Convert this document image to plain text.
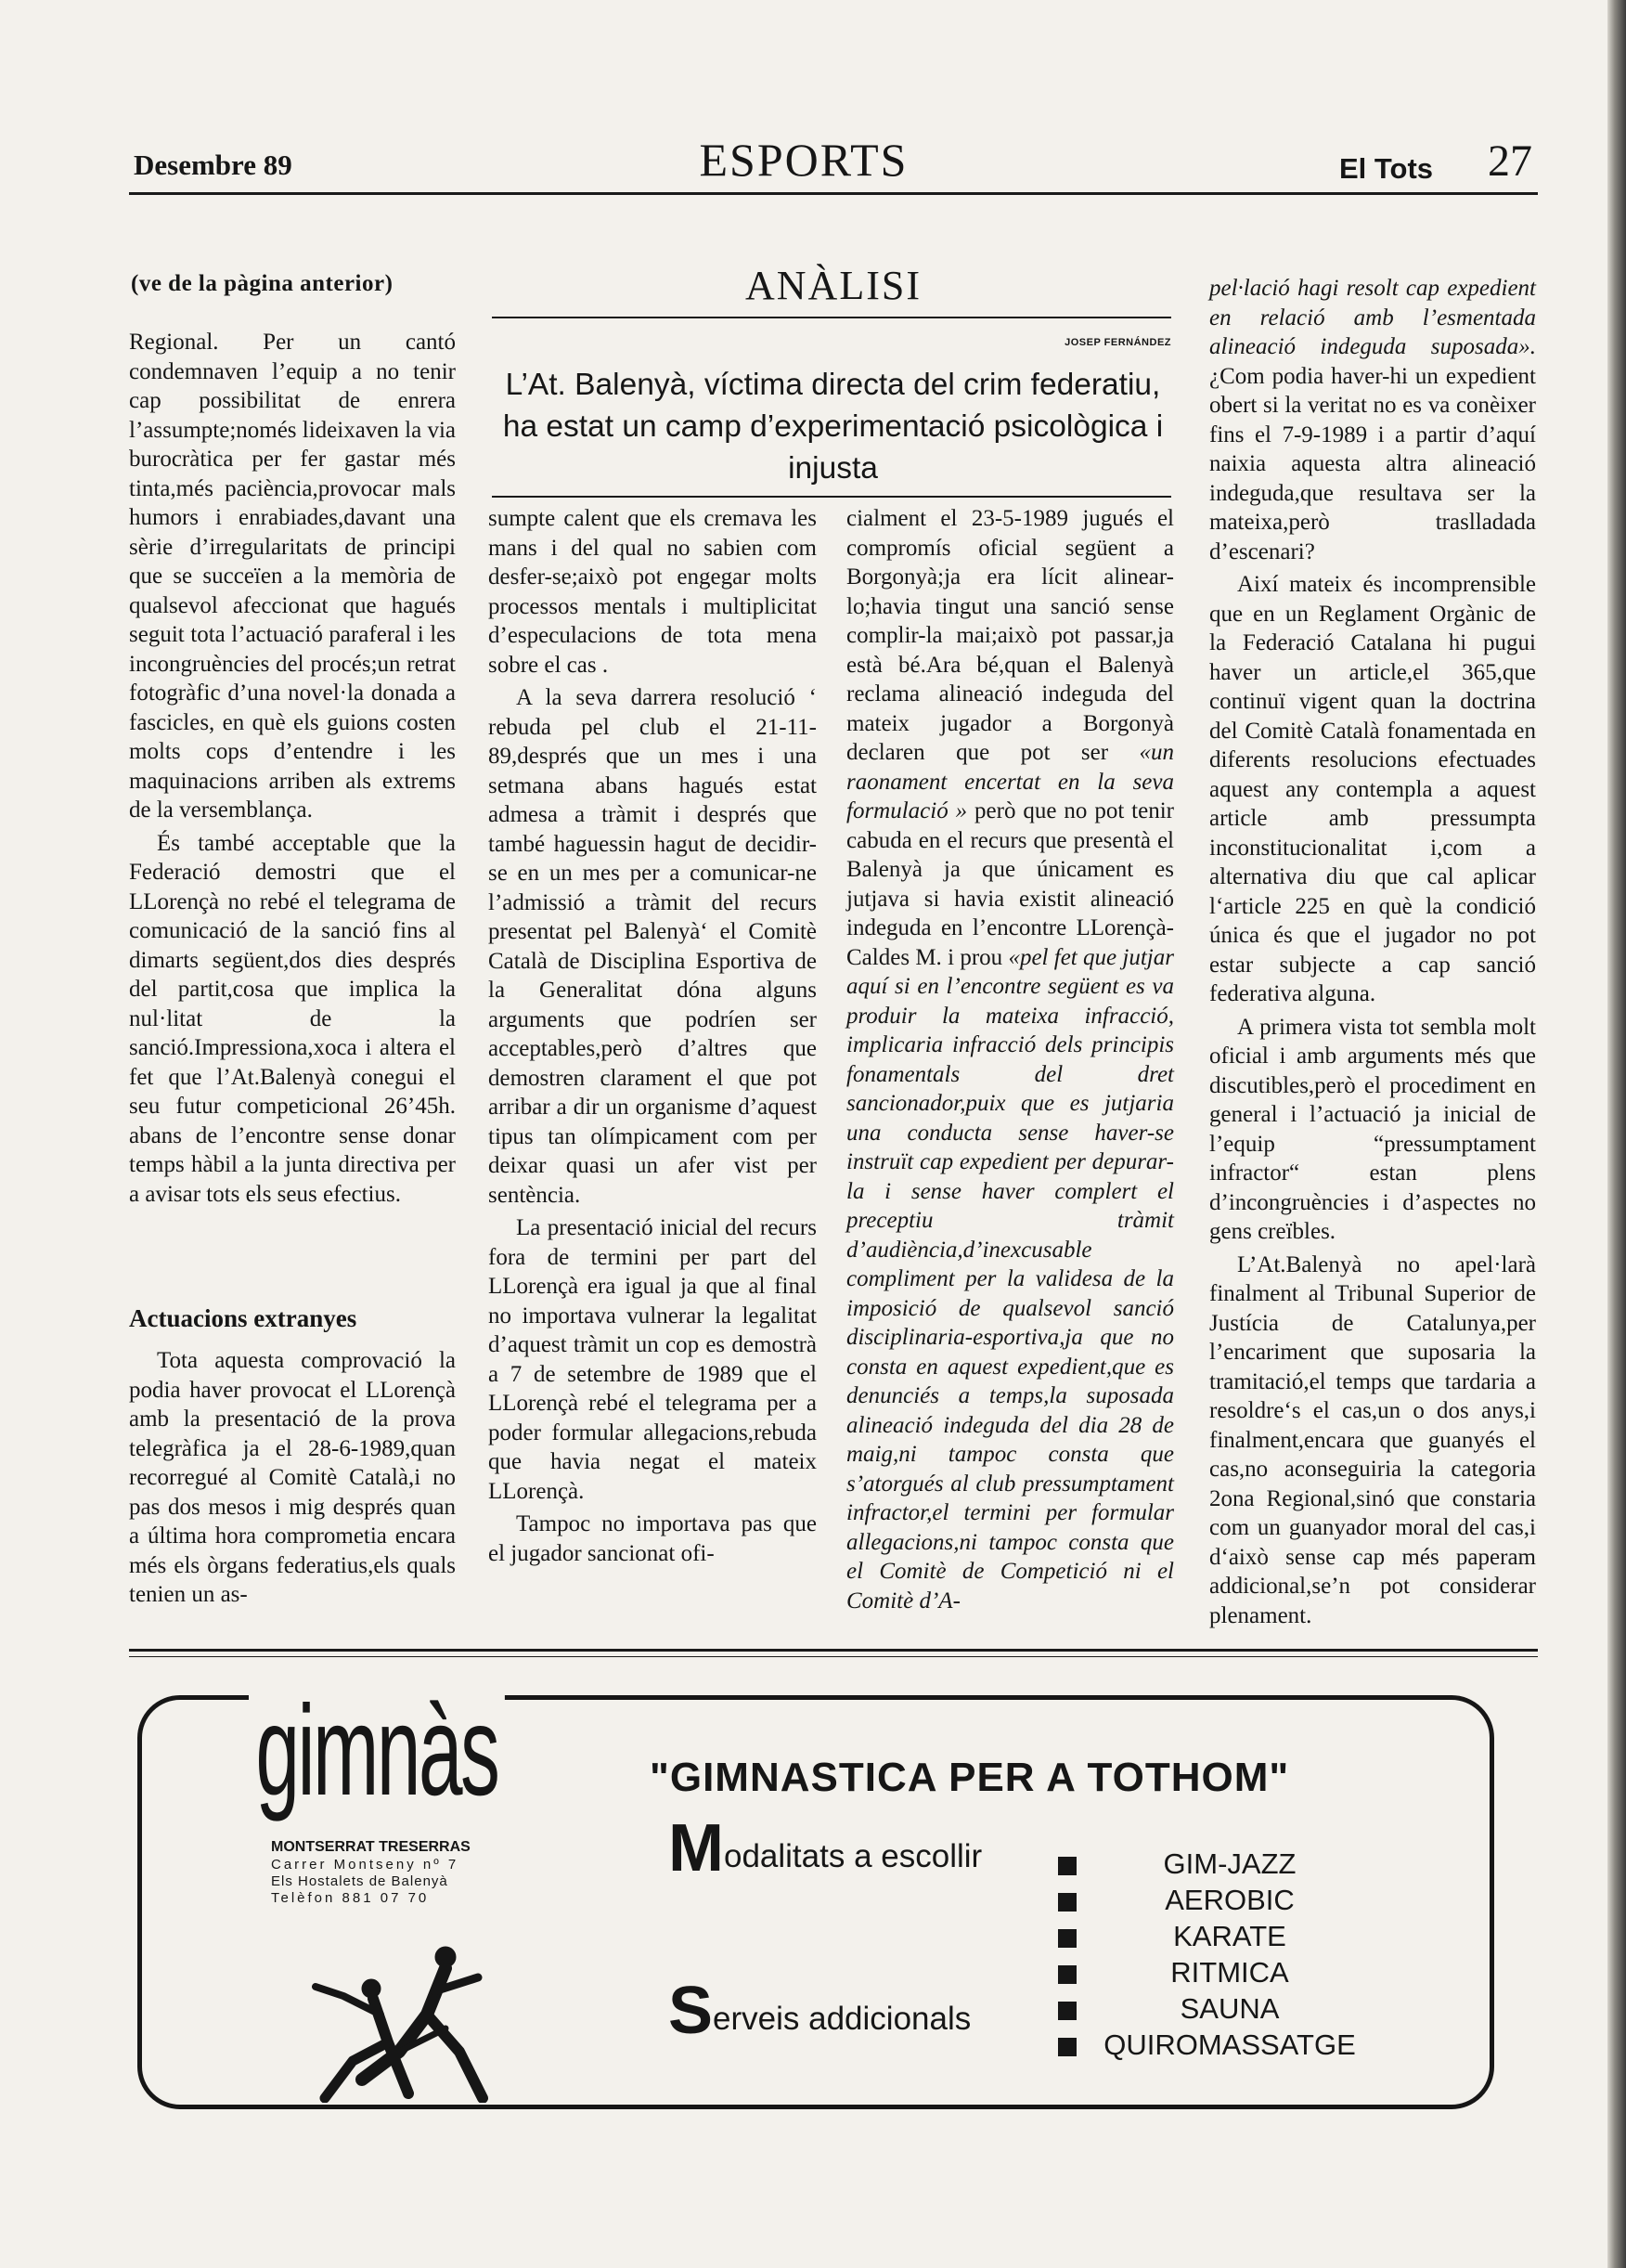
Desembre 89	ESPORTS	El Tots 27
(ve de la pàgina anterior)

Regional. Per un cantó condemnaven l’equip a no tenir cap possibilitat de enrera l’assumpte;només lideixaven la via burocràtica per fer gastar més tinta,més paciència,provocar mals humors i enrabiades,davant una sèrie d’irregularitats de principi que se succeïen a la memòria de qualsevol afeccionat que hagués seguit tota l’actuació paraferal i les incongruències del procés;un retrat fotogràfic d’una novel·la donada a fascicles, en què els guions costen molts cops d’entendre i les maquinacions arriben als extrems de la versemblança.

És també acceptable que la Federació demostri que el LLorençà no rebé el telegrama de comunicació de la sanció fins al dimarts següent,dos dies després del partit,cosa que implica la nul·litat de la sanció.Impressiona,xoca i altera el fet que l’At.Balenyà conegui el seu futur competicional 26’45h. abans de l’encontre sense donar temps hàbil a la junta directiva per a avisar tots els seus efectius.

Actuacions extranyes

Tota aquesta comprovació la podia haver provocat el LLorençà amb la presentació de la prova telegràfica ja el 28-6-1989,quan recorregué al Comitè Català,i no pas dos mesos i mig després quan a última hora comprometia encara més els òrgans federatius,els quals tenien un as-

ANÀLISI
JOSEP FERNÁNDEZ
L’At. Balenyà, víctima directa del crim federatiu, ha estat un camp d’experimentació psicològica i injusta

sumpte calent que els cremava les mans i del qual no sabien com desfer-se;això pot engegar molts processos mentals i multiplicitat d’especulacions de tota mena sobre el cas .

A la seva darrera resolució ‘ rebuda pel club el 21-11-89,després que un mes i una setmana abans hagués estat admesa a tràmit i després que també haguessin hagut de decidir-se en un mes per a comunicar-ne l’admissió a tràmit del recurs presentat pel Balenyà‘ el Comitè Català de Disciplina Esportiva de la Generalitat dóna alguns arguments que podríen ser acceptables,però d’altres que demostren clarament el que pot arribar a dir un organisme d’aquest tipus tan olímpicament com per deixar quasi un afer vist per sentència.

La presentació inicial del recurs fora de termini per part del LLorençà era igual ja que al final no importava vulnerar la legalitat d’aquest tràmit un cop es demostrà a 7 de setembre de 1989 que el LLorençà rebé el telegrama per a poder formular allegacions,rebuda que havia negat el mateix LLorençà.

Tampoc no importava pas que el jugador sancionat ofi-

cialment el 23-5-1989 jugués el compromís oficial següent a Borgonyà;ja era lícit alinear-lo;havia tingut una sanció sense complir-la mai;això pot passar,ja està bé.Ara bé,quan el Balenyà reclama alineació indeguda del mateix jugador a Borgonyà declaren que pot ser «un raonament encertat en la seva formulació » però que no pot tenir cabuda en el recurs que presentà el Balenyà ja que únicament es jutjava si havia existit alineació indeguda en l’encontre LLorençà-Caldes M. i prou «pel fet que jutjar aquí si en l’encontre següent es va produir la mateixa infracció, implicaria infracció dels principis fonamentals del dret sancionador,puix que es jutjaria una conducta sense haver-se instruït cap expedient per depurar-la i sense haver complert el preceptiu tràmit d’audiència,d’inexcusable compliment per la validesa de la imposició de qualsevol sanció disciplinaria-esportiva,ja que no consta en aquest expedient,que es denunciés a temps,la suposada alineació indeguda del dia 28 de maig,ni tampoc consta que s’atorgués al club pressumptament infractor,el termini per formular allegacions,ni tampoc consta que el Comitè de Competició ni el Comitè d’A-

pel·lació hagi resolt cap expedient en relació amb l’esmentada alineació indeguda suposada».¿Com podia haver-hi un expedient obert si la veritat no es va conèixer fins el 7-9-1989 i a partir d’aquí naixia aquesta altra alineació indeguda,que resultava ser la mateixa,però traslladada d’escenari?

Així mateix és incomprensible que en un Reglament Orgànic de la Federació Catalana hi pugui haver un article,el 365,que continuï vigent quan la doctrina del Comitè Català fonamentada en diferents resolucions efectuades aquest any contempla a aquest article amb pressumptа inconstitucionalitat i,com a alternativa diu que cal aplicar l‘article 225 en què la condició única és que el jugador no pot estar subjecte a cap sanció federativa alguna.

A primera vista tot sembla molt oficial i amb arguments més que discutibles,però el procediment en general i l’actuació ja inicial de l’equip “pressumptament infractor“ estan plens d’incongruències i d’aspectes no gens creïbles.

L’At.Balenyà no apel·larà finalment al Tribunal Superior de Justícia de Catalunya,per l’encariment que suposaria la tramitació,el temps que tardaria a resoldre‘s el cas,un o dos anys,i finalment,encara que guanyés el cas,no aconseguiria la categoria 2ona Regional,sinó que constaria com un guanyador moral del cas,i d‘això sense cap més paperam addicional,se’n pot considerar plenament.

gimnàs
MONTSERRAT TRESERRAS
Carrer Montseny nº 7
Els Hostalets de Balenyà
Telèfon 881 07 70
"GIMNASTICA PER A TOTHOM"
Modalitats a escollir
Serveis addicionals
GIM-JAZZ
AEROBIC
KARATE
RITMICA
SAUNA
QUIROMASSATGE
